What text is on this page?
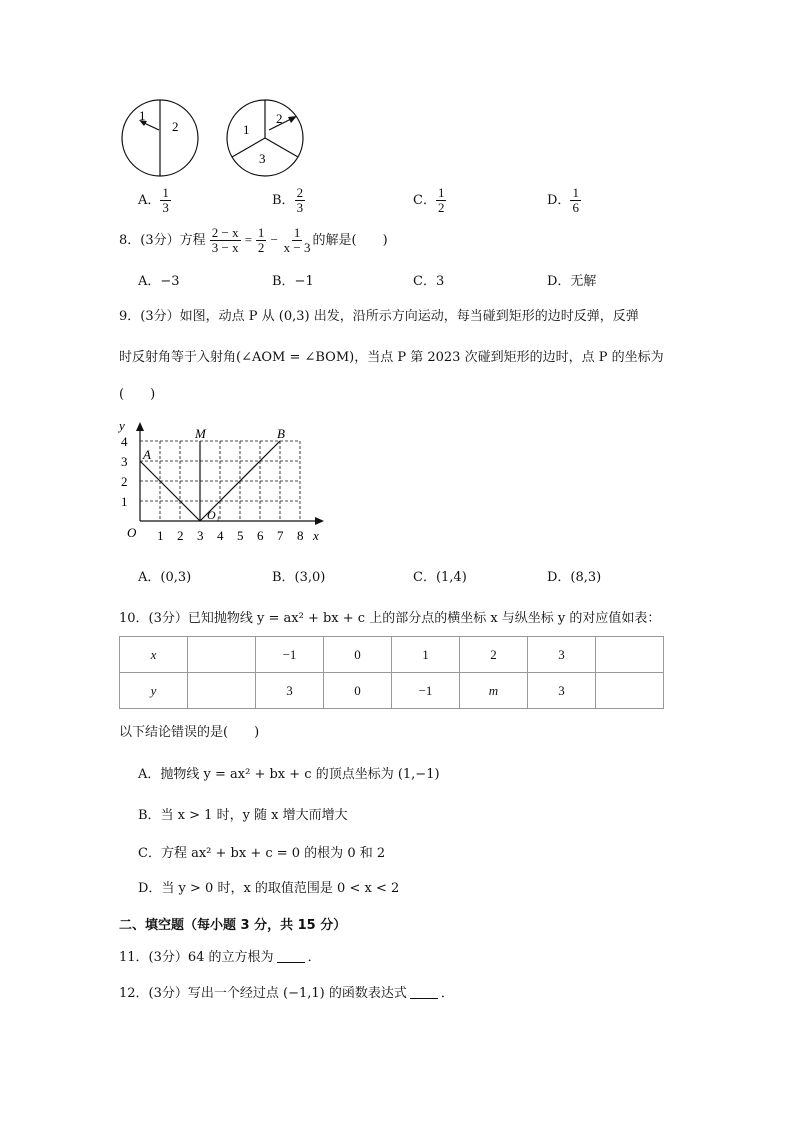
1
2	1
2
3
A． $\frac{1}{3}$	B． $\frac{2}{3}$	C． $\frac{1}{2}$	D． $\frac{1}{6}$
8．(3分）方程 $\frac{2 - x}{3 - x} = \frac{1}{2} - \frac{1}{x - 3}$ 的解是(　　)
A．−3	B．−1	C．3	D．无解
9．(3分）如图，动点 P 从 (0,3) 出发，沿所示方向运动，每当碰到矩形的边时反弹，反弹
时反射角等于入射角(∠AOM = ∠BOM)，当点 P 第 2023 次碰到矩形的边时，点 P 的坐标为
(　　)
y
x
O 1 2 3 4 5 6 7 8
1
2
3
4
A
M	B
O₁
A．(0,3)	B．(3,0)	C．(1,4)	D．(8,3)
10．(3分）已知抛物线 y = ax² + bx + c 上的部分点的横坐标 x 与纵坐标 y 的对应值如表：
x		−1	0	1	2	3	
y		3	0	−1	m	3	
以下结论错误的是(　　)
A．抛物线 y = ax² + bx + c 的顶点坐标为 (1,−1)
B．当 x > 1 时，y 随 x 增大而增大
C．方程 ax² + bx + c = 0 的根为 0 和 2
D．当 y > 0 时，x 的取值范围是 0 < x < 2
二、填空题（每小题 3 分，共 15 分）
11．(3分）64 的立方根为	．
12．(3分）写出一个经过点 (−1,1) 的函数表达式	．
